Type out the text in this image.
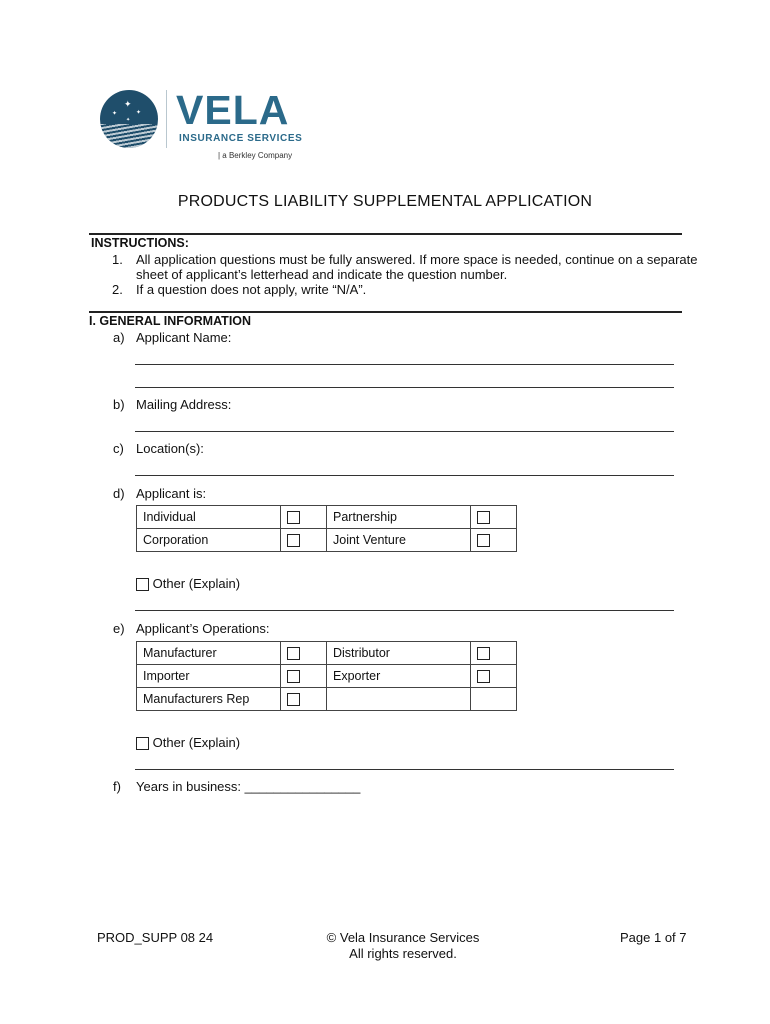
✦
✦	✦
✦ VELA
INSURANCE SERVICES
| a Berkley Company
PRODUCTS LIABILITY SUPPLEMENTAL APPLICATION
INSTRUCTIONS:
1. All application questions must be fully answered. If more space is needed, continue on a separate
sheet of applicant’s letterhead and indicate the question number.
2. If a question does not apply, write “N/A”.
I. GENERAL INFORMATION
a) Applicant Name:
b) Mailing Address:
c) Location(s):
d) Applicant is:
Individual		Partnership	
Corporation		Joint Venture	
Other (Explain)
e) Applicant’s Operations:
Manufacturer		Distributor	
Importer		Exporter	
Manufacturers Rep			
Other (Explain)
f) Years in business: ________________
PROD_SUPP 08 24	© Vela Insurance Services
All rights reserved.
Page 1 of 7
